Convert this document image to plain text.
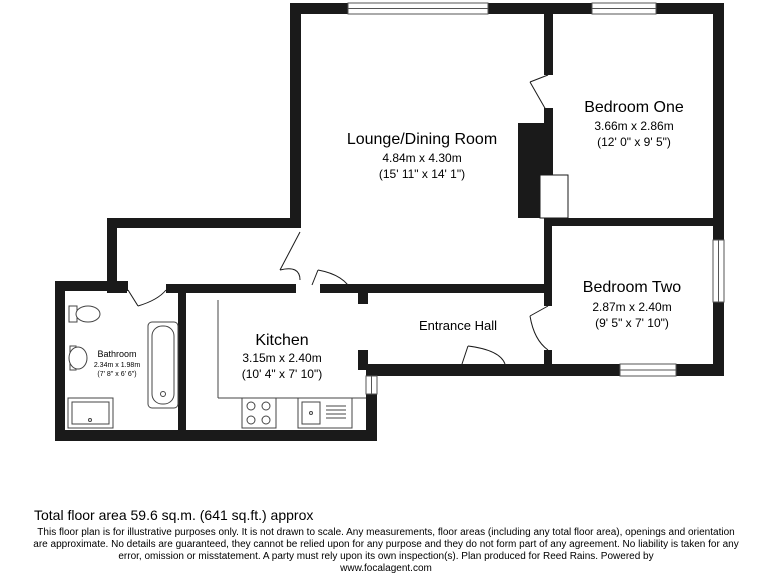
Lounge/Dining Room
4.84m x 4.30m
(15' 11" x 14' 1")
Bedroom One
3.66m x 2.86m
(12' 0" x 9' 5")
Bedroom Two
2.87m x 2.40m
(9' 5" x 7' 10")
Kitchen
3.15m x 2.40m
(10' 4" x 7' 10")
Bathroom
2.34m x 1.98m
(7' 8" x 6' 6")
Entrance Hall
Total floor area 59.6 sq.m. (641 sq.ft.) approx
This floor plan is for illustrative purposes only. It is not drawn to scale. Any measurements, floor areas (including any total floor area), openings and orientation are approximate. No details are guaranteed, they cannot be relied upon for any purpose and they do not form part of any agreement. No liability is taken for any error, omission or misstatement. A party must rely upon its own inspection(s). Plan produced for Reed Rains. Powered by
www.focalagent.com
